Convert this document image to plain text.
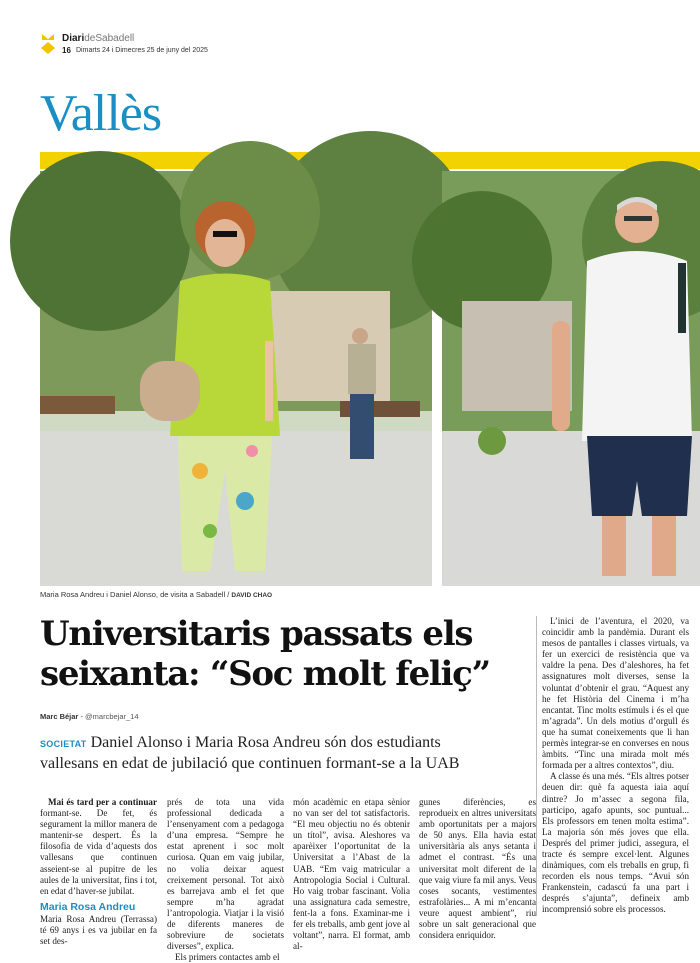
DiarideSabadell
16 Dimarts 24 i Dimecres 25 de juny del 2025
Vallès
Maria Rosa Andreu i Daniel Alonso, de visita a Sabadell / DAVID CHAO
Universitaris passats els seixanta: “Soc molt feliç”
Marc Béjar - @marcbejar_14
SOCIETAT Daniel Alonso i Maria Rosa Andreu són dos estudiants vallesans en edat de jubilació que continuen formant-se a la UAB

Mai és tard per a continuar formant-se. De fet, és segurament la millor manera de mantenir-se despert. És la filosofia de vida d’aquests dos vallesans que continuen asseient-se al pupitre de les aules de la universitat, fins i tot, en edat d’haver-se jubilat.

Maria Rosa Andreu

Maria Rosa Andreu (Terrassa) té 69 anys i es va jubilar en fa set des-

prés de tota una vida professional dedicada a l’ensenyament com a pedagoga d’una empresa. “Sempre he estat aprenent i soc molt curiosa. Quan em vaig jubilar, no volia deixar aquest creixement personal. Tot això es barrejava amb el fet que sempre m’ha agradat l’antropologia. Viatjar i la visió de diferents maneres de sobreviure de societats diverses”, explica.

Els primers contactes amb el

món acadèmic en etapa sènior no van ser del tot satisfactoris. “El meu objectiu no és obtenir un títol”, avisa. Aleshores va aparèixer l’oportunitat de la Universitat a l’Abast de la UAB. “Em vaig matricular a Antropologia Social i Cultural. Ho vaig trobar fascinant. Volia una assignatura cada semestre, fent-la a fons. Examinar-me i fer els treballs, amb gent jove al voltant”, narra. El format, amb al-

gunes diferències, es reprodueix en altres universitats amb oportunitats per a majors de 50 anys. Ella havia estat universitària als anys setanta i admet el contrast. “És una universitat molt diferent de la que vaig viure fa mil anys. Veus coses socants, vestimentes estrafolàries... A mi m’encanta veure aquest ambient”, riu sobre un salt generacional que considera enriquidor.

L’inici de l’aventura, el 2020, va coincidir amb la pandèmia. Durant els mesos de pantalles i classes virtuals, va fer un exercici de resistència que va valdre la pena. Des d’aleshores, ha fet assignatures molt diverses, sense la voluntat d’obtenir el grau. “Aquest any he fet Història del Cinema i m’ha encantat. Tinc molts estímuls i és el que m’agrada”. Un dels motius d’orgull és que ha sumat coneixements que li han permès integrar-se en converses en nous àmbits. “Tinc una mirada molt més formada per a altres contextos”, diu.

A classe és una més. “Els altres potser deuen dir: què fa aquesta iaia aquí dintre? Jo m’assec a segona fila, participo, agafo apunts, soc puntual... Els professors em tenen molta estima”. La majoria són més joves que ella. Després del primer judici, assegura, el tracte és sempre excel·lent. Algunes dinàmiques, com els treballs en grup, fi recorden els nous temps. “Avui són Frankenstein, cadascú fa una part i després s’ajunta”, defineix amb incomprensió sobre els processos.
